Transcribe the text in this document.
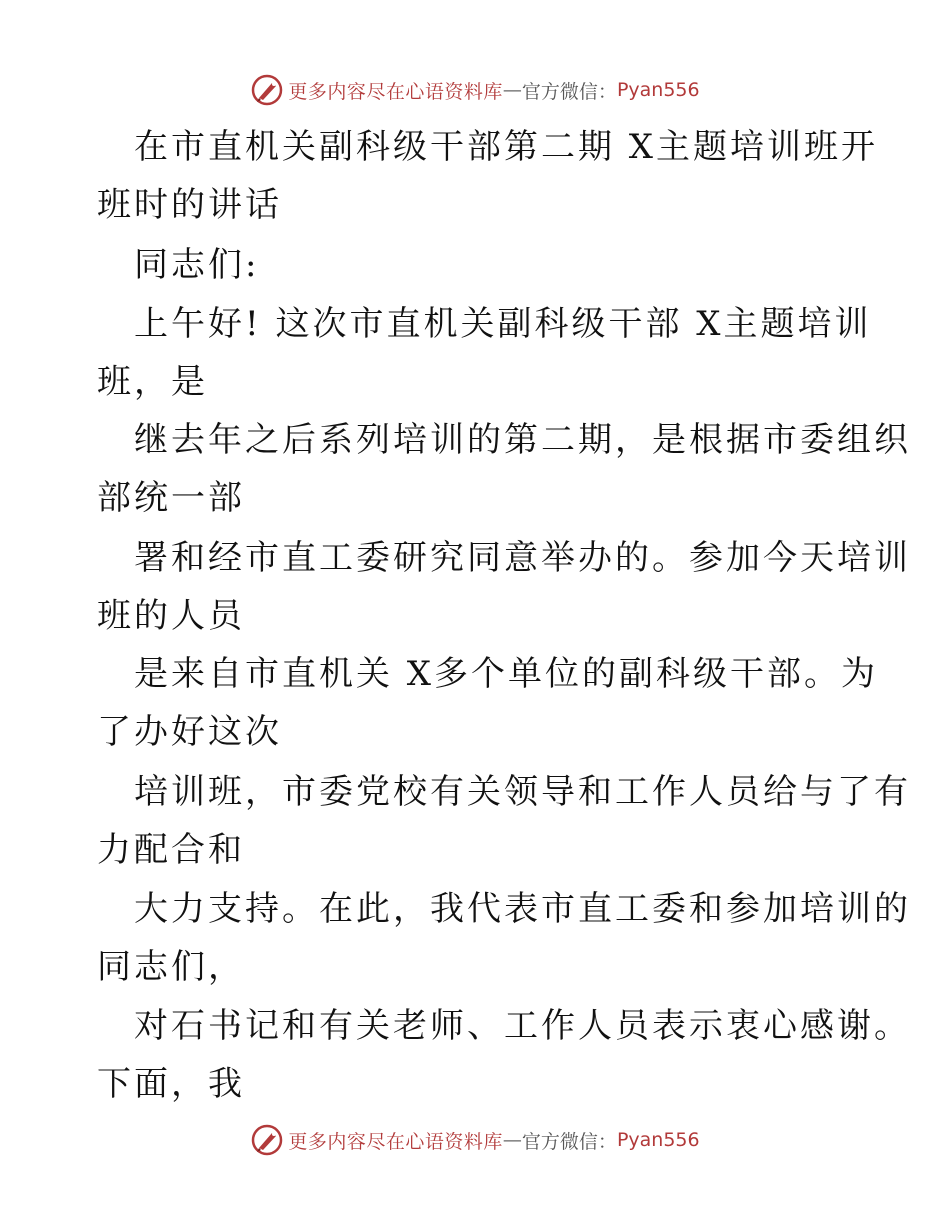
更多内容尽在心语资料库 — 官方微信： Pyan556
在市直机关副科级干部第二期 X主题培训班开
班时的讲话
同志们:
上午好! 这次市直机关副科级干部 X主题培训
班，是
继去年之后系列培训的第二期，是根据市委组织
部统一部
署和经市直工委研究同意举办的。参加今天培训
班的人员
是来自市直机关 X多个单位的副科级干部。为
了办好这次
培训班，市委党校有关领导和工作人员给与了有
力配合和
大力支持。在此，我代表市直工委和参加培训的
同志们，
对石书记和有关老师、工作人员表示衷心感谢。
下面，我
更多内容尽在心语资料库 — 官方微信： Pyan556
